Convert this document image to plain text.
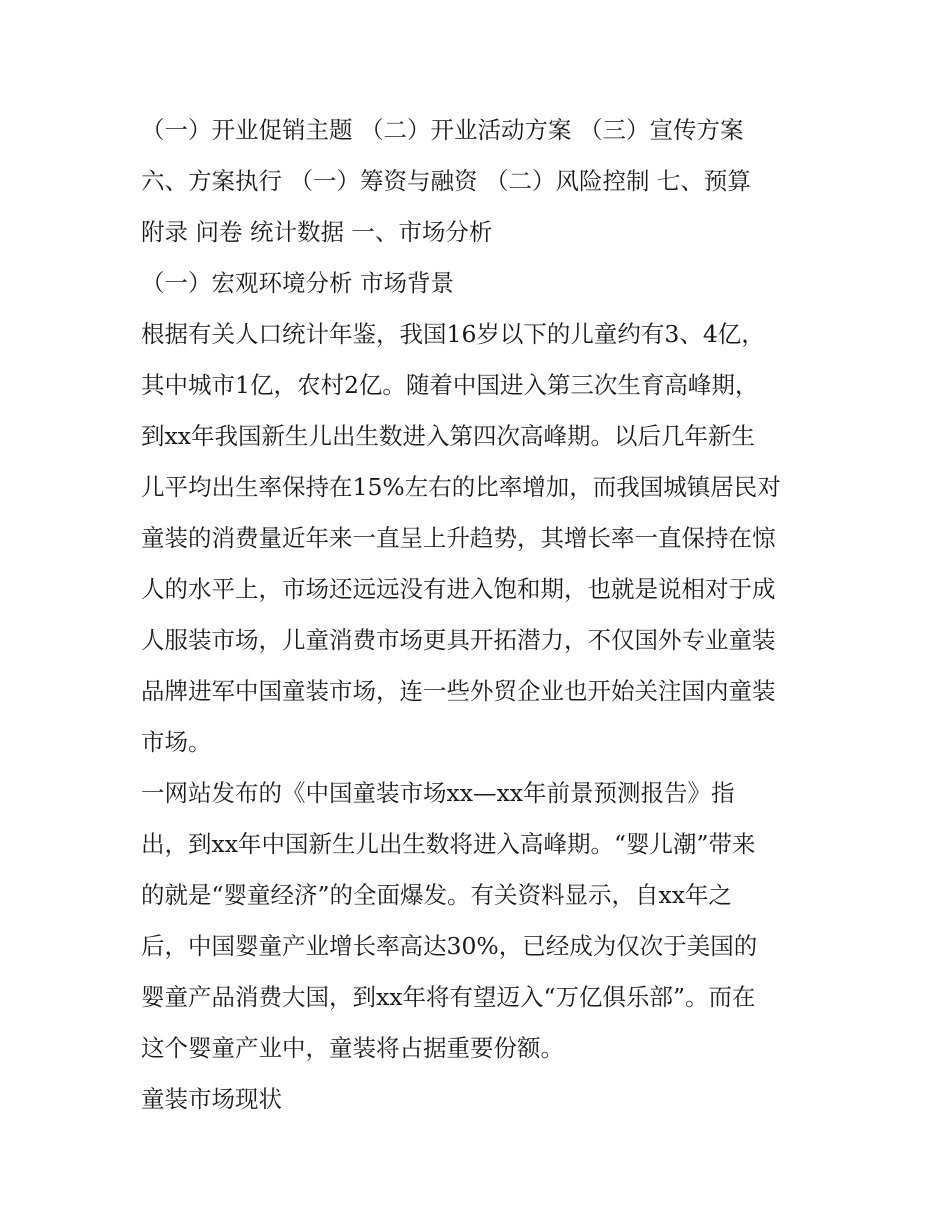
（一）开业促销主题 （二）开业活动方案 （三）宣传方案
六、方案执行 （一）筹资与融资 （二）风险控制 七、预算
附录 问卷 统计数据 一、市场分析
（一）宏观环境分析 市场背景
根据有关人口统计年鉴，我国16岁以下的儿童约有3、4亿，
其中城市1亿，农村2亿。随着中国进入第三次生育高峰期，
到xx年我国新生儿出生数进入第四次高峰期。以后几年新生
儿平均出生率保持在15%左右的比率增加，而我国城镇居民对
童装的消费量近年来一直呈上升趋势，其增长率一直保持在惊
人的水平上，市场还远远没有进入饱和期，也就是说相对于成
人服装市场，儿童消费市场更具开拓潜力，不仅国外专业童装
品牌进军中国童装市场，连一些外贸企业也开始关注国内童装
市场。
一网站发布的《中国童装市场xx—xx年前景预测报告》指
出，到xx年中国新生儿出生数将进入高峰期。“婴儿潮”带来
的就是“婴童经济”的全面爆发。有关资料显示，自xx年之
后，中国婴童产业增长率高达30%，已经成为仅次于美国的
婴童产品消费大国，到xx年将有望迈入“万亿俱乐部”。而在
这个婴童产业中，童装将占据重要份额。
童装市场现状
